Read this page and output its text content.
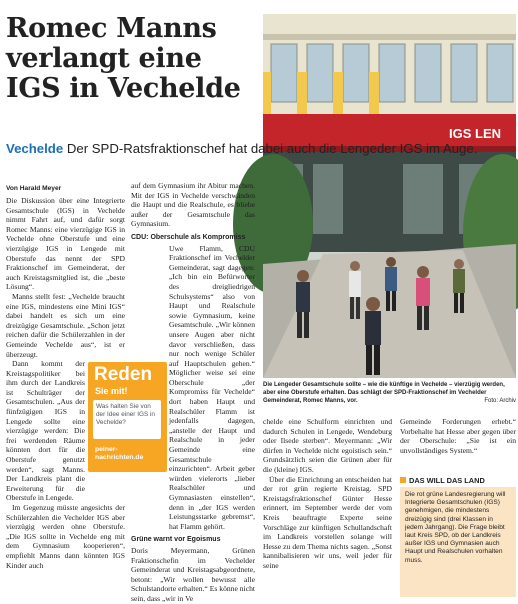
Romec Manns
verlangt eine
IGS in Vechelde
IGS LEN

Vechelde Der SPD-Ratsfraktionschef hat dabei auch die Lengeder IGS im Auge.

Von Harald Meyer

Die Diskussion über eine Integrierte Gesamtschule (IGS) in Vechelde nimmt Fahrt auf, und dafür sorgt Romec Manns: eine vierzügige IGS in Vechelde ohne Oberstufe und eine vierzügige IGS in Lengede mit Oberstufe das nennt der SPD Fraktionschef im Gemeinderat, der auch Kreistagsmitglied ist, die „beste Lösung“.

Manns stellt fest: „Vechelde braucht eine IGS, mindestens eine Mini IGS“ dabei handelt es sich um eine dreizügige Gesamtschule. „Schon jetzt reichen dafür die Schülerzahlen in der Gemeinde Vechelde aus“, ist er überzeugt.

Dann kommt der Kreistagspolitiker bei ihm durch der Landkreis ist Schulträger der Gesamtschulen. „Aus der fünfzügigen IGS in Lengede sollte eine vierzügige werden: Die frei werdenden Räume könnten dort für die Oberstufe genutzt werden“, sagt Manns. Der Landkreis plant die Erweiterung für die Oberstufe in Lengede.

Im Gegenzug müsste angesichts der Schülerzahlen die Vechelder IGS aber vierzügig werden ohne Oberstufe. „Die IGS sollte in Vechelde eng mit dem Gymnasium kooperieren“, empfiehlt Manns dann könnten IGS Kinder auch

auf dem Gymnasium ihr Abitur machen. Mit der IGS in Vechelde verschwänden die Haupt und die Realschule, es bliebe außer der Gesamtschule das Gymnasium.

CDU: Oberschule als Kompromiss

Uwe Flamm, CDU Fraktionschef im Vechelder Gemeinderat, sagt dagegen: „Ich bin ein Befürworter des dreigliedrigen Schulsystems“ also von Haupt und Realschule sowie Gymnasium, keine Gesamtschule. „Wir können unsere Augen aber nicht davor verschließen, dass nur noch wenige Schüler auf Hauptschulen gehen.“ Möglicher weise sei eine Oberschule „der Kompromiss für Vechelde“ dort haben Haupt und Realschüler Flamm ist jedenfalls dagegen, „anstelle der Haupt und Realschule in jeder Gemeinde eine Gesamtschule einzurichten“. Arbeit geber würden vielerorts „lieber Realschüler und Gymnasiasten einstellen“, denn in „der IGS werden Leistungsstarke gebremst“, hat Flamm gehört.

Grüne warnt vor Egoismus

Doris Meyermann, Grünen Fraktionschefin im Vechelder Gemeinderat und Kreistagsabgeordnete, betont: „Wir wollen bewusst alle Schulstandorte erhalten.“ Es könne nicht sein, dass „wir in Ve

Reden
Sie mit!
Was halten Sie von der Idee einer IGS in Vechelde?
peiner-
nachrichten.de
Die Lengeder Gesamtschule sollte – wie die künftige in Vechelde – vierzügig werden, aber eine Oberstufe erhalten. Das schlägt der SPD-Fraktionschef im Vechelder Gemeinderat, Romec Manns, vor.	Foto: Archiv

chelde eine Schulform einrichten und dadurch Schulen in Lengede, Wendeburg oder Ilsede sterben“. Meyermann: „Wir dürfen in Vechelde nicht egoistisch sein.“ Grundsätzlich seien die Grünen aber für die (kleine) IGS.

Über die Einrichtung an entscheiden hat der rot grün regierte Kreistag. SPD Kreistagsfraktionschef Günter Hesse erinnert, im September werde der vom Kreis beauftragte Experte seine Vorschläge zur künftigen Schullandschaft im Landkreis vorstellen solange will Hesse zu dem Thema nichts sagen. „Sonst kannibalisieren wir uns, weil jeder für seine

Gemeinde Forderungen erhebt.“ Vorbehalte hat Hesse aber gegen über der Oberschule: „Sie ist ein unvollständiges System.“

DAS WILL DAS LAND

Die rot grüne Landesregierung will Integrierte Gesamtschulen (IGS) genehmigen, die mindestens dreizügig sind (drei Klassen in jedem Jahrgang). Die Frage bleibt laut Kreis SPD, ob der Landkreis außer IGS und Gymnasien auch Haupt und Realschulen vorhalten muss.
